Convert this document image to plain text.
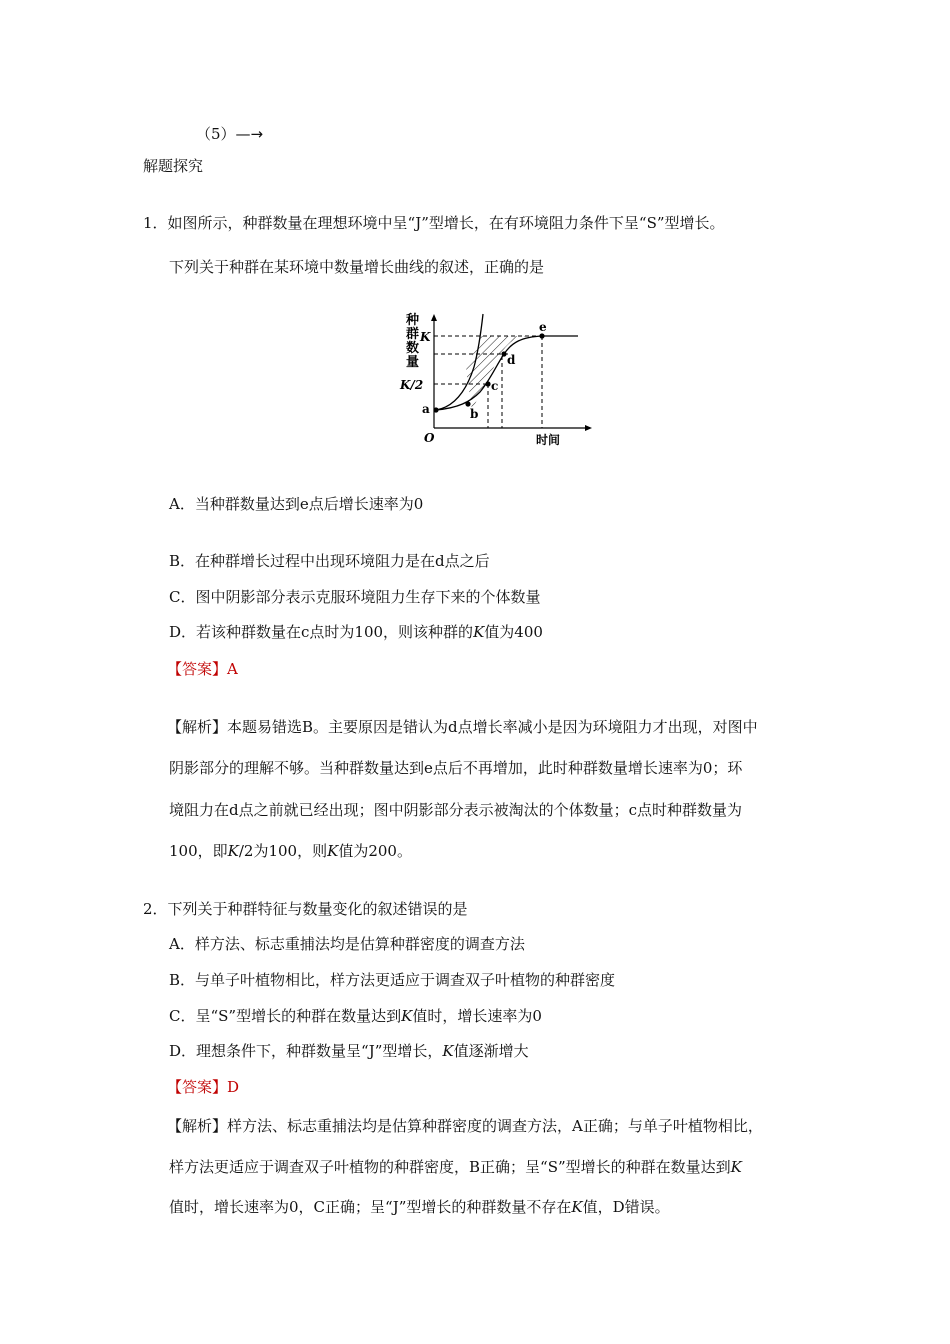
（5）—→
解题探究
1．如图所示，种群数量在理想环境中呈“J”型增长，在有环境阻力条件下呈“S”型增长。
下列关于种群在某环境中数量增长曲线的叙述，正确的是
种
群
数
量
a	b
c
d
e
K
K/2
O	时间
A．当种群数量达到e点后增长速率为0
B．在种群增长过程中出现环境阻力是在d点之后
C．图中阴影部分表示克服环境阻力生存下来的个体数量
D．若该种群数量在c点时为100，则该种群的K值为400
【答案】A
【解析】本题易错选B。主要原因是错认为d点增长率减小是因为环境阻力才出现，对图中
阴影部分的理解不够。当种群数量达到e点后不再增加，此时种群数量增长速率为0；环
境阻力在d点之前就已经出现；图中阴影部分表示被淘汰的个体数量；c点时种群数量为
100，即K/2为100，则K值为200。
2．下列关于种群特征与数量变化的叙述错误的是
A．样方法、标志重捕法均是估算种群密度的调查方法
B．与单子叶植物相比，样方法更适应于调查双子叶植物的种群密度
C．呈“S”型增长的种群在数量达到K值时，增长速率为0
D．理想条件下，种群数量呈“J”型增长，K值逐渐增大
【答案】D
【解析】样方法、标志重捕法均是估算种群密度的调查方法，A正确；与单子叶植物相比，
样方法更适应于调查双子叶植物的种群密度，B正确；呈“S”型增长的种群在数量达到K
值时，增长速率为0，C正确；呈“J”型增长的种群数量不存在K值，D错误。
